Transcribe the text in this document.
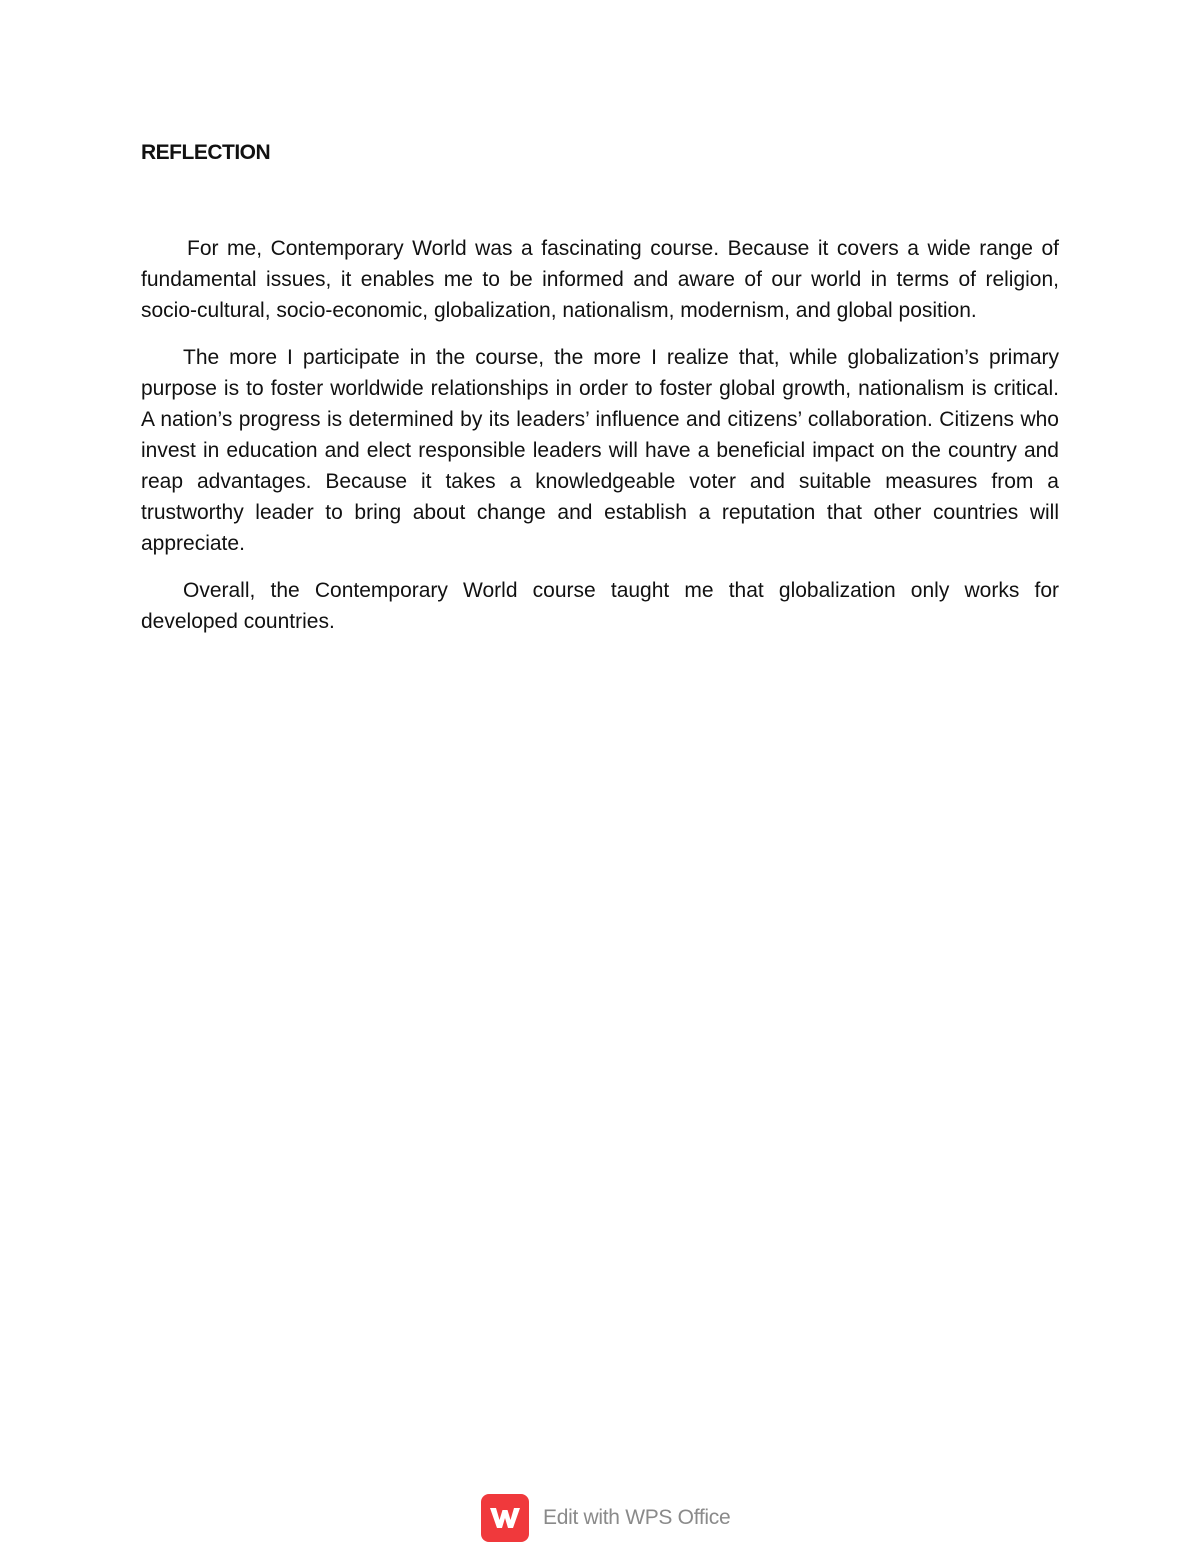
REFLECTION

For me, Contemporary World was a fascinating course. Because it covers a wide range of fundamental issues, it enables me to be informed and aware of our world in terms of religion, socio-cultural, socio-economic, globalization, nationalism, modernism, and global position.

The more I participate in the course, the more I realize that, while globalization’s primary purpose is to foster worldwide relationships in order to foster global growth, nationalism is critical. A nation’s progress is determined by its leaders’ influence and citizens’ collaboration. Citizens who invest in education and elect responsible leaders will have a beneficial impact on the country and reap advantages. Because it takes a knowledgeable voter and suitable measures from a trustworthy leader to bring about change and establish a reputation that other countries will appreciate.

Overall, the Contemporary World course taught me that globalization only works for developed countries.

Edit with WPS Office
